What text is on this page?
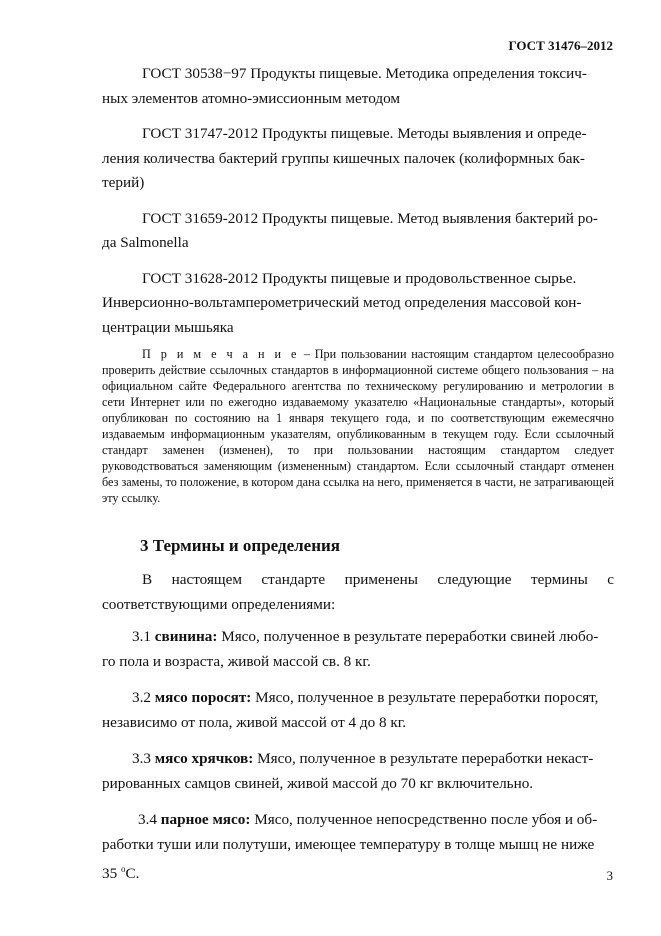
ГОСТ 31476–2012
ГОСТ 30538−97 Продукты пищевые. Методика определения токсич-
ных элементов атомно-эмиссионным методом
ГОСТ 31747-2012 Продукты пищевые. Методы выявления и опреде-
ления количества бактерий группы кишечных палочек (колиформных бак-
терий)
ГОСТ 31659-2012 Продукты пищевые. Метод выявления бактерий ро-
да Salmonella
ГОСТ 31628-2012 Продукты пищевые и продовольственное сырье.
Инверсионно-вольтамперометрический метод определения массовой кон-
центрации мышьяка
П р и м е ч а н и е – При пользовании настоящим стандартом целесообразно проверить действие ссылочных стандартов в информационной системе общего пользования – на официальном сайте Федерального агентства по техническому регулированию и метрологии в сети Интернет или по ежегодно издаваемому указателю «Национальные стандарты», который опубликован по состоянию на 1 января текущего года, и по соответствующим ежемесячно издаваемым информационным указателям, опубликованным в текущем году. Если ссылочный стандарт заменен (изменен), то при пользовании настоящим стандартом следует руководствоваться заменяющим (измененным) стандартом. Если ссылочный стандарт отменен без замены, то положение, в котором дана ссылка на него, применяется в части, не затрагивающей эту ссылку.
3 Термины и определения
В настоящем стандарте применены следующие термины с соответствующими определениями:
3.1 свинина: Мясо, полученное в результате переработки свиней любо-
го пола и возраста, живой массой св. 8 кг.
3.2 мясо поросят: Мясо, полученное в результате переработки поросят,
независимо от пола, живой массой от 4 до 8 кг.
3.3 мясо хрячков: Мясо, полученное в результате переработки некаст-
рированных самцов свиней, живой массой до 70 кг включительно.
3.4 парное мясо: Мясо, полученное непосредственно после убоя и об-
работки туши или полутуши, имеющее температуру в толще мышц не ниже
35 $^o$С.	3
